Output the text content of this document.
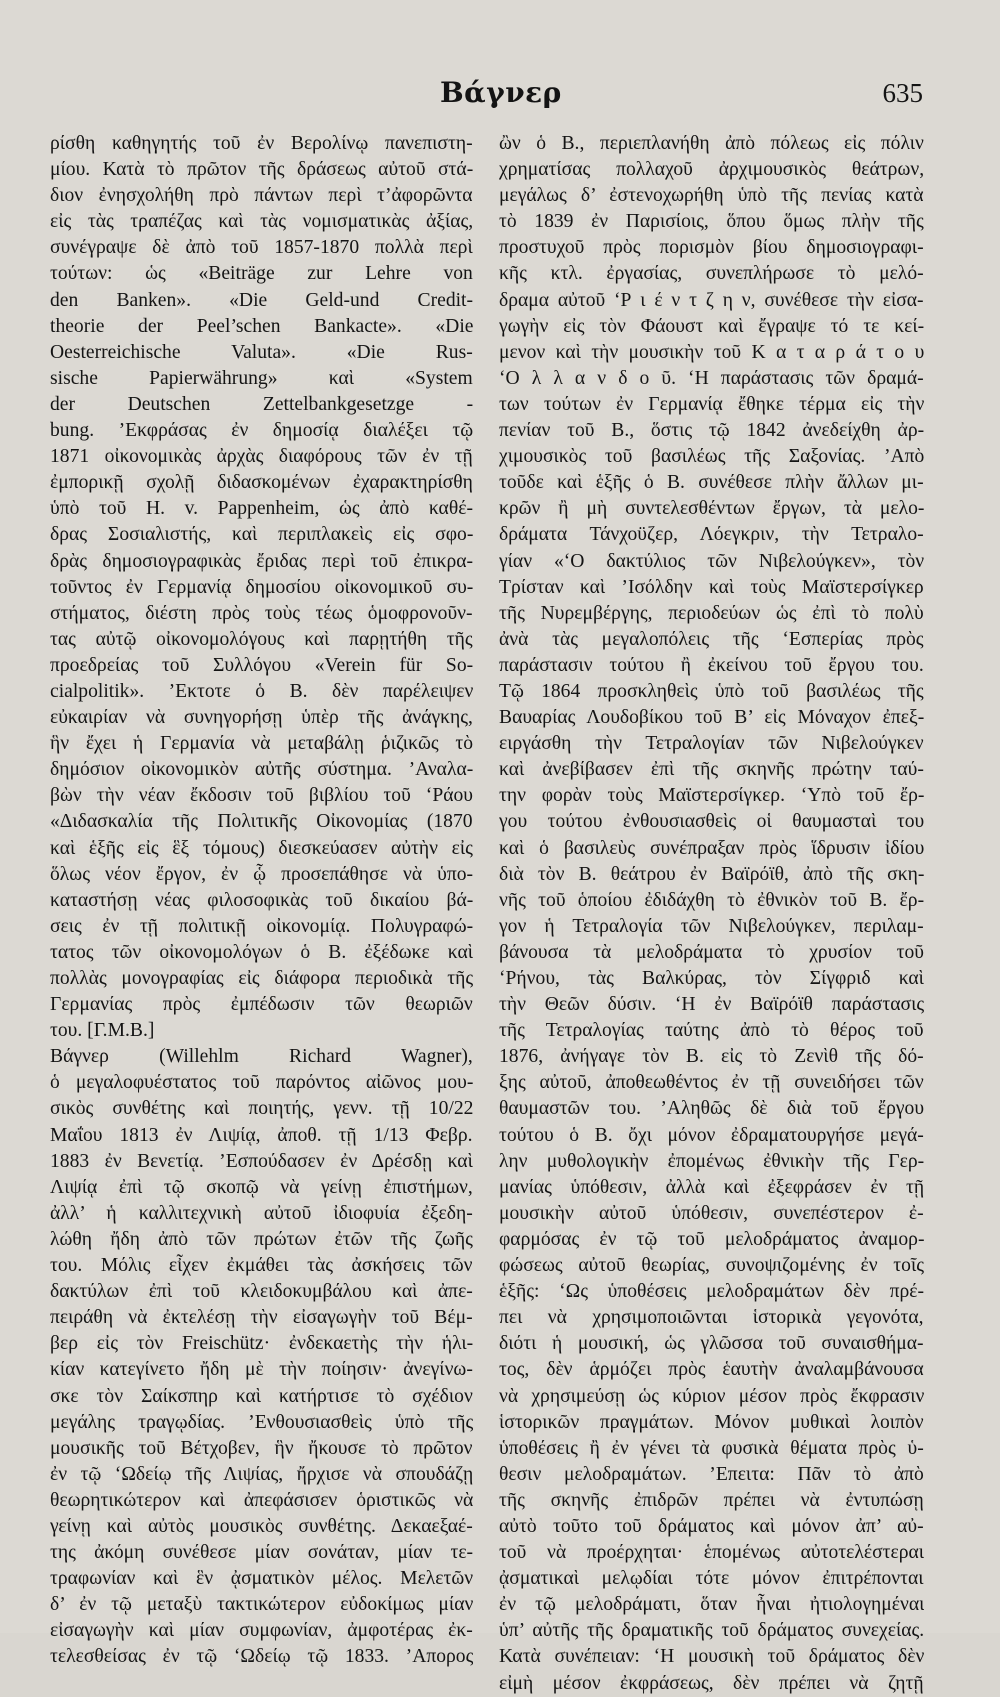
Βάγνερ	635
ρίσθη καθηγητής τοῦ ἐν Βερολίνῳ πανεπιστη-
μίου. Κατὰ τὸ πρῶτον τῆς δράσεως αὐτοῦ στά-
διον ἐνησχολήθη πρὸ πάντων περὶ τ’ἀφορῶντα
εἰς τὰς τραπέζας καὶ τὰς νομισματικὰς ἀξίας,
συνέγραψε δὲ ἀπὸ τοῦ 1857-1870 πολλὰ περὶ
τούτων: ὡς «Beiträge zur Lehre von
den Banken». «Die Geld-und Credit-
theorie der Peel’schen Bankacte». «Die
Oesterreichische Valuta». «Die Rus-
sische Papierwährung» καὶ «System
der Deutschen Zettelbankgesetzge -
bung. ’Εκφράσας ἐν δημοσίᾳ διαλέξει τῷ
1871 οἰκονομικὰς ἀρχὰς διαφόρους τῶν ἐν τῇ
ἐμπορικῇ σχολῇ διδασκομένων ἐχαρακτηρίσθη
ὑπὸ τοῦ Η. v. Pappenheim, ὡς ἀπὸ καθέ-
δρας Σοσιαλιστής, καὶ περιπλακεὶς εἰς σφο-
δρὰς δημοσιογραφικὰς ἔριδας περὶ τοῦ ἐπικρα-
τοῦντος ἐν Γερμανίᾳ δημοσίου οἰκονομικοῦ συ-
στήματος, διέστη πρὸς τοὺς τέως ὁμοφρονοῦν-
τας αὐτῷ οἰκονομολόγους καὶ παρῃτήθη τῆς
προεδρείας τοῦ Συλλόγου «Verein für So-
cialpolitik». ’Εκτοτε ὁ Β. δὲν παρέλειψεν
εὐκαιρίαν νὰ συνηγορήσῃ ὑπὲρ τῆς ἀνάγκης,
ἣν ἔχει ἡ Γερμανία νὰ μεταβάλῃ ῥιζικῶς τὸ
δημόσιον οἰκονομικὸν αὐτῆς σύστημα. ’Αναλα-
βὼν τὴν νέαν ἔκδοσιν τοῦ βιβλίου τοῦ ‘Ράου
«Διδασκαλία τῆς Πολιτικῆς Οἰκονομίας (1870
καὶ ἑξῆς εἰς ἓξ τόμους) διεσκεύασεν αὐτὴν εἰς
ὅλως νέον ἔργον, ἐν ᾧ προσεπάθησε νὰ ὑπο-
καταστήσῃ νέας φιλοσοφικὰς τοῦ δικαίου βά-
σεις ἐν τῇ πολιτικῇ οἰκονομίᾳ. Πολυγραφώ-
τατος τῶν οἰκονομολόγων ὁ Β. ἐξέδωκε καὶ
πολλὰς μονογραφίας εἰς διάφορα περιοδικὰ τῆς
Γερμανίας πρὸς ἐμπέδωσιν τῶν θεωριῶν
του. [Γ.Μ.Β.]
Βάγνερ (Willehlm Richard Wagner),
ὁ μεγαλοφυέστατος τοῦ παρόντος αἰῶνος μου-
σικὸς συνθέτης καὶ ποιητής, γενν. τῇ 10/22
Μαΐου 1813 ἐν Λιψίᾳ, ἀποθ. τῇ 1/13 Φεβρ.
1883 ἐν Βενετίᾳ. ’Εσπούδασεν ἐν Δρέσδῃ καὶ
Λιψίᾳ ἐπὶ τῷ σκοπῷ νὰ γείνῃ ἐπιστήμων,
ἀλλ’ ἡ καλλιτεχνικὴ αὐτοῦ ἰδιοφυία ἐξεδη-
λώθη ἤδη ἀπὸ τῶν πρώτων ἐτῶν τῆς ζωῆς
του. Μόλις εἶχεν ἐκμάθει τὰς ἀσκήσεις τῶν
δακτύλων ἐπὶ τοῦ κλειδοκυμβάλου καὶ ἀπε-
πειράθη νὰ ἐκτελέσῃ τὴν εἰσαγωγὴν τοῦ Βέμ-
βερ εἰς τὸν Freischütz· ἐνδεκαετὴς τὴν ἡλι-
κίαν κατεγίνετο ἤδη μὲ τὴν ποίησιν· ἀνεγίνω-
σκε τὸν Σαίκσπηρ καὶ κατήρτισε τὸ σχέδιον
μεγάλης τραγῳδίας. ’Ενθουσιασθεὶς ὑπὸ τῆς
μουσικῆς τοῦ Βέτχοβεν, ἣν ἤκουσε τὸ πρῶτον
ἐν τῷ ‘Ωδείῳ τῆς Λιψίας, ἤρχισε νὰ σπουδάζῃ
θεωρητικώτερον καὶ ἀπεφάσισεν ὁριστικῶς νὰ
γείνῃ καὶ αὐτὸς μουσικὸς συνθέτης. Δεκαεξαέ-
της ἀκόμη συνέθεσε μίαν σονάταν, μίαν τε-
τραφωνίαν καὶ ἓν ᾀσματικὸν μέλος. Μελετῶν
δ’ ἐν τῷ μεταξὺ τακτικώτερον εὐδοκίμως μίαν
εἰσαγωγὴν καὶ μίαν συμφωνίαν, ἀμφοτέρας ἐκ-
τελεσθείσας ἐν τῷ ‘Ωδείῳ τῷ 1833. ’Απορος
ὢν ὁ Β., περιεπλανήθη ἀπὸ πόλεως εἰς πόλιν
χρηματίσας πολλαχοῦ ἀρχιμουσικὸς θεάτρων,
μεγάλως δ’ ἐστενοχωρήθη ὑπὸ τῆς πενίας κατὰ
τὸ 1839 ἐν Παρισίοις, ὅπου ὅμως πλὴν τῆς
προστυχοῦ πρὸς πορισμὸν βίου δημοσιογραφι-
κῆς κτλ. ἐργασίας, συνεπλήρωσε τὸ μελό-
δραμα αὐτοῦ ‘Ρ ι έ ν τ ζ η ν, συνέθεσε τὴν εἰσα-
γωγὴν εἰς τὸν Φάουστ καὶ ἔγραψε τό τε κεί-
μενον καὶ τὴν μουσικὴν τοῦ Κ α τ α ρ ά τ ο υ
‘Ο λ λ α ν δ ο ῦ. ‘Η παράστασις τῶν δραμά-
των τούτων ἐν Γερμανίᾳ ἔθηκε τέρμα εἰς τὴν
πενίαν τοῦ Β., ὅστις τῷ 1842 ἀνεδείχθη ἀρ-
χιμουσικὸς τοῦ βασιλέως τῆς Σαξονίας. ’Απὸ
τοῦδε καὶ ἑξῆς ὁ Β. συνέθεσε πλὴν ἄλλων μι-
κρῶν ἢ μὴ συντελεσθέντων ἔργων, τὰ μελο-
δράματα Τάνχοϋζερ, Λόεγκριν, τὴν Τετραλο-
γίαν «‘Ο δακτύλιος τῶν Νιβελούγκεν», τὸν
Τρίσταν καὶ ’Ισόλδην καὶ τοὺς Μαϊστερσίγκερ
τῆς Νυρεμβέργης, περιοδεύων ὡς ἐπὶ τὸ πολὺ
ἀνὰ τὰς μεγαλοπόλεις τῆς ‘Εσπερίας πρὸς
παράστασιν τούτου ἢ ἐκείνου τοῦ ἔργου του.
Τῷ 1864 προσκληθεὶς ὑπὸ τοῦ βασιλέως τῆς
Βαυαρίας Λουδοβίκου τοῦ Β’ εἰς Μόναχον ἐπεξ-
ειργάσθη τὴν Τετραλογίαν τῶν Νιβελούγκεν
καὶ ἀνεβίβασεν ἐπὶ τῆς σκηνῆς πρώτην ταύ-
την φορὰν τοὺς Μαϊστερσίγκερ. ‘Υπὸ τοῦ ἔρ-
γου τούτου ἐνθουσιασθεὶς οἱ θαυμασταὶ του
καὶ ὁ βασιλεὺς συνέπραξαν πρὸς ἵδρυσιν ἰδίου
διὰ τὸν Β. θεάτρου ἐν Βαϊρόϊθ, ἀπὸ τῆς σκη-
νῆς τοῦ ὁποίου ἐδιδάχθη τὸ ἐθνικὸν τοῦ Β. ἔρ-
γον ἡ Τετραλογία τῶν Νιβελούγκεν, περιλαμ-
βάνουσα τὰ μελοδράματα τὸ χρυσίον τοῦ
‘Ρήνου, τὰς Βαλκύρας, τὸν Σίγφριδ καὶ
τὴν Θεῶν δύσιν. ‘Η ἐν Βαϊρόϊθ παράστασις
τῆς Τετραλογίας ταύτης ἀπὸ τὸ θέρος τοῦ
1876, ἀνήγαγε τὸν Β. εἰς τὸ Ζενὶθ τῆς δό-
ξης αὐτοῦ, ἀποθεωθέντος ἐν τῇ συνειδήσει τῶν
θαυμαστῶν του. ’Αληθῶς δὲ διὰ τοῦ ἔργου
τούτου ὁ Β. ὄχι μόνον ἐδραματουργήσε μεγά-
λην μυθολογικὴν ἐπομένως ἐθνικὴν τῆς Γερ-
μανίας ὑπόθεσιν, ἀλλὰ καὶ ἐξεφράσεν ἐν τῇ
μουσικὴν αὐτοῦ ὑπόθεσιν, συνεπέστερον ἐ-
φαρμόσας ἐν τῷ τοῦ μελοδράματος ἀναμορ-
φώσεως αὐτοῦ θεωρίας, συνοψιζομένης ἐν τοῖς
ἑξῆς: ‘Ως ὑποθέσεις μελοδραμάτων δὲν πρέ-
πει νὰ χρησιμοποιῶνται ἱστορικὰ γεγονότα,
διότι ἡ μουσική, ὡς γλῶσσα τοῦ συναισθήμα-
τος, δὲν ἁρμόζει πρὸς ἑαυτὴν ἀναλαμβάνουσα
νὰ χρησιμεύσῃ ὡς κύριον μέσον πρὸς ἔκφρασιν
ἱστορικῶν πραγμάτων. Μόνον μυθικαὶ λοιπὸν
ὑποθέσεις ἢ ἐν γένει τὰ φυσικὰ θέματα πρὸς ὑ-
θεσιν μελοδραμάτων. ’Επειτα: Πᾶν τὸ ἀπὸ
τῆς σκηνῆς ἐπιδρῶν πρέπει νὰ ἐντυπώσῃ
αὐτὸ τοῦτο τοῦ δράματος καὶ μόνον ἀπ’ αὐ-
τοῦ νὰ προέρχηται· ἑπομένως αὐτοτελέστεραι
ᾀσματικαὶ μελῳδίαι τότε μόνον ἐπιτρέπονται
ἐν τῷ μελοδράματι, ὅταν ἦναι ἠτιολογημέναι
ὑπ’ αὐτῆς τῆς δραματικῆς τοῦ δράματος συνεχείας.
Κατὰ συνέπειαν: ‘Η μουσικὴ τοῦ δράματος δὲν
εἰμὴ μέσον ἐκφράσεως, δὲν πρέπει νὰ ζητῇ
